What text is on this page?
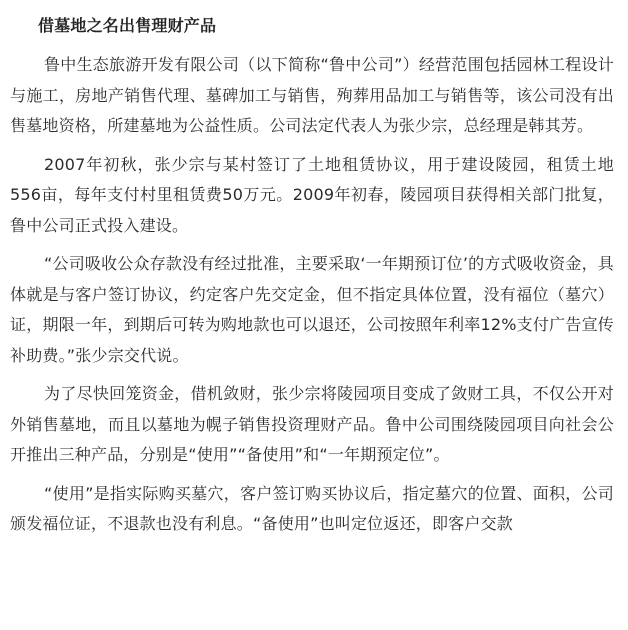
借墓地之名出售理财产品

鲁中生态旅游开发有限公司（以下简称“鲁中公司”）经营范围包括园林工程设计与施工，房地产销售代理、墓碑加工与销售，殉葬用品加工与销售等，该公司没有出售墓地资格，所建墓地为公益性质。公司法定代表人为张少宗，总经理是韩其芳。

2007年初秋，张少宗与某村签订了土地租赁协议，用于建设陵园，租赁土地556亩，每年支付村里租赁费50万元。2009年初春，陵园项目获得相关部门批复，鲁中公司正式投入建设。

“公司吸收公众存款没有经过批准，主要采取‘一年期预订位’的方式吸收资金，具体就是与客户签订协议，约定客户先交定金，但不指定具体位置，没有福位（墓穴）证，期限一年，到期后可转为购地款也可以退还，公司按照年利率12%支付广告宣传补助费。”张少宗交代说。

为了尽快回笼资金，借机敛财，张少宗将陵园项目变成了敛财工具，不仅公开对外销售墓地，而且以墓地为幌子销售投资理财产品。鲁中公司围绕陵园项目向社会公开推出三种产品，分别是“使用”“备使用”和“一年期预定位”。

“使用”是指实际购买墓穴，客户签订购买协议后，指定墓穴的位置、面积，公司颁发福位证，不退款也没有利息。“备使用”也叫定位返还，即客户交款
